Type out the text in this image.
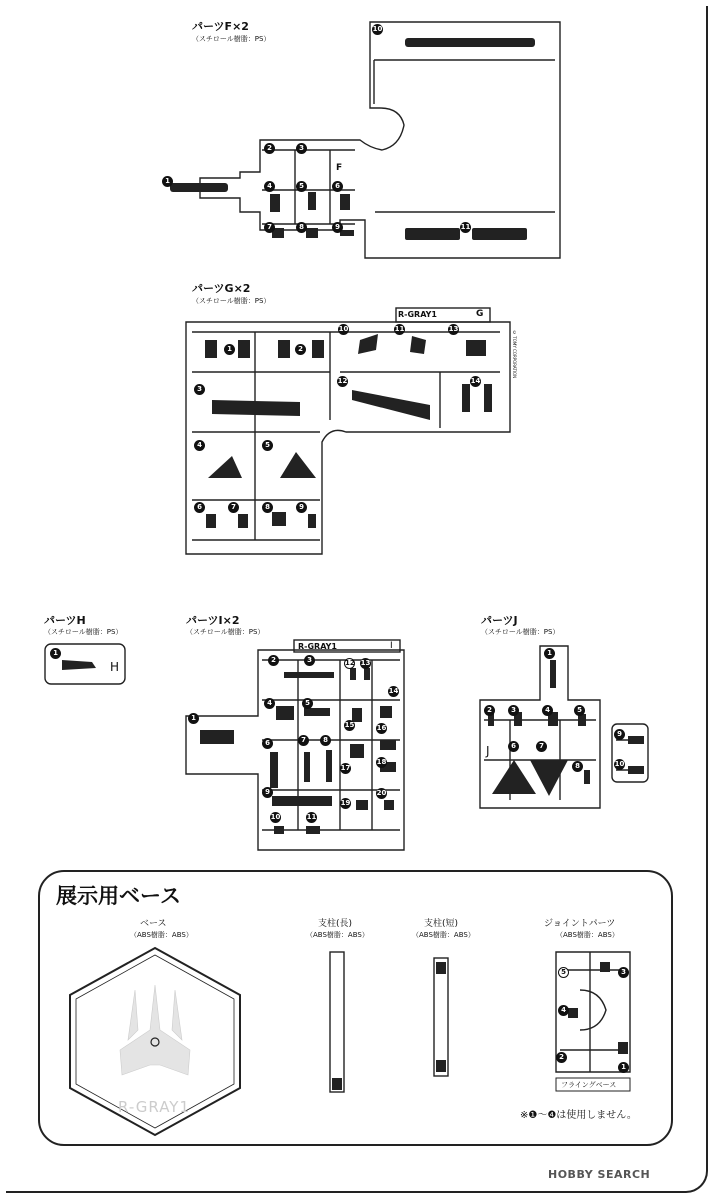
パーツF×2
（スチロール樹脂：PS）
10
1
2	3
4	5	6
7	8	9	11
F
パーツG×2
（スチロール樹脂：PS）
R-GRAY1	G
1	2
3
4	5
6	7	8	9
10	11
12
13
14
© TOMY CORPORATION
パーツH
（スチロール樹脂：PS）
1
H
パーツI×2
（スチロール樹脂：PS）
R-GRAY1	I
1
2	3
4	5
6	7	8
9
10	11
12 13
14
15	16
17
18
19
20
パーツJ
（スチロール樹脂：PS）
1
2	3	4	5
6	7
8
9
10
J
展示用ベース
ベース
（ABS樹脂：ABS）
R-GRAY1
支柱(長)
（ABS樹脂：ABS）
支柱(短)
（ABS樹脂：ABS）
ジョイントパーツ
（ABS樹脂：ABS）
5	3
4
2
1
フライングベース
※❶〜❹は使用しません。
HOBBY SEARCH
